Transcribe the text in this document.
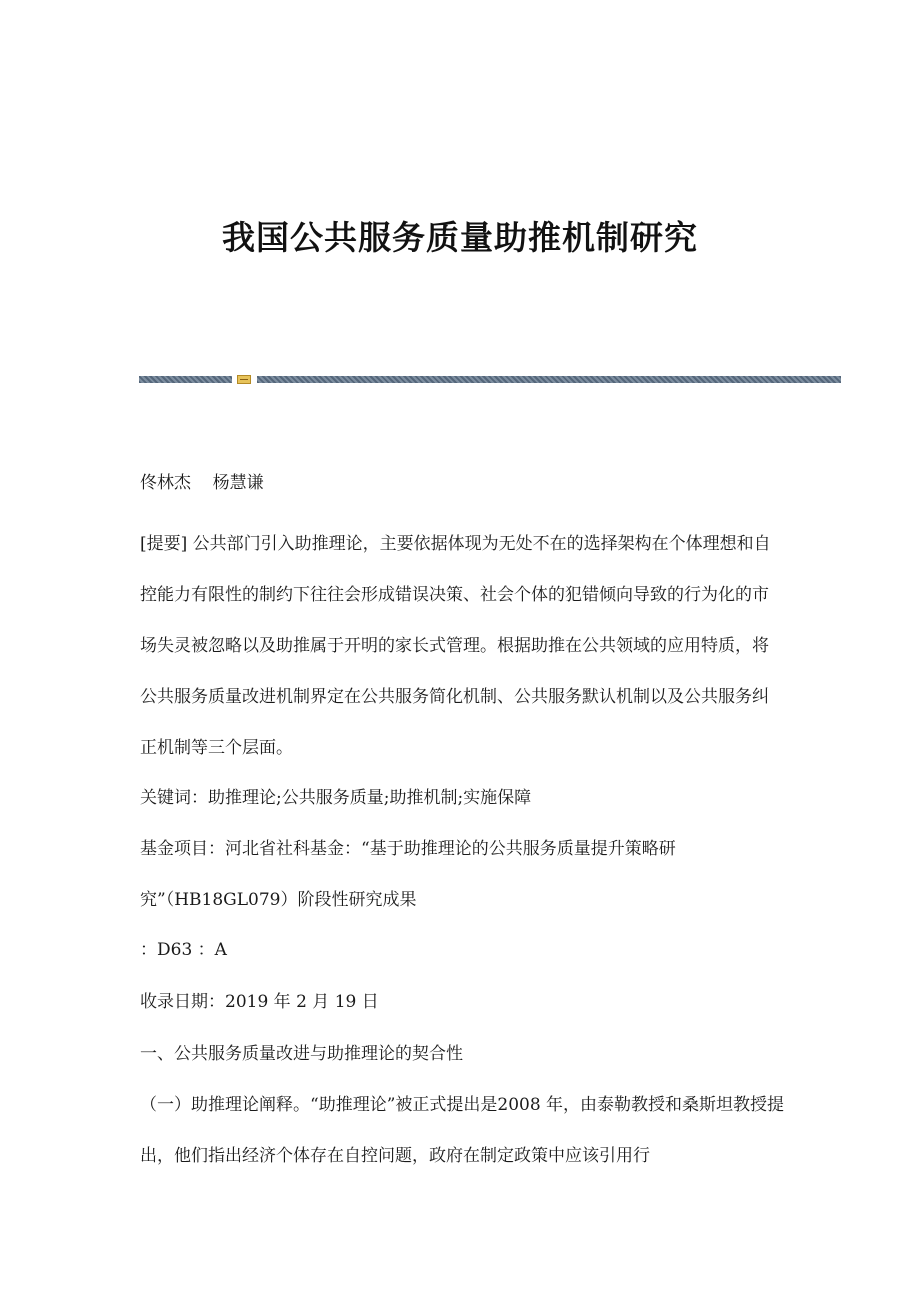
我国公共服务质量助推机制研究

佟林杰    杨慧谦

[提要] 公共部门引入助推理论，主要依据体现为无处不在的选择架构在个体理想和自控能力有限性的制约下往往会形成错误决策、社会个体的犯错倾向导致的行为化的市场失灵被忽略以及助推属于开明的家长式管理。根据助推在公共领域的应用特质，将公共服务质量改进机制界定在公共服务简化机制、公共服务默认机制以及公共服务纠正机制等三个层面。

关键词：助推理论;公共服务质量;助推机制;实施保障

基金项目：河北省社科基金：“基于助推理论的公共服务质量提升策略研究”（HB18GL079）阶段性研究成果

：D63 ：A

收录日期：2019 年 2 月 19 日

一、公共服务质量改进与助推理论的契合性

（一）助推理论阐释。“助推理论”被正式提出是2008 年，由泰勒教授和桑斯坦教授提出，他们指出经济个体存在自控问题，政府在制定政策中应该引用行
